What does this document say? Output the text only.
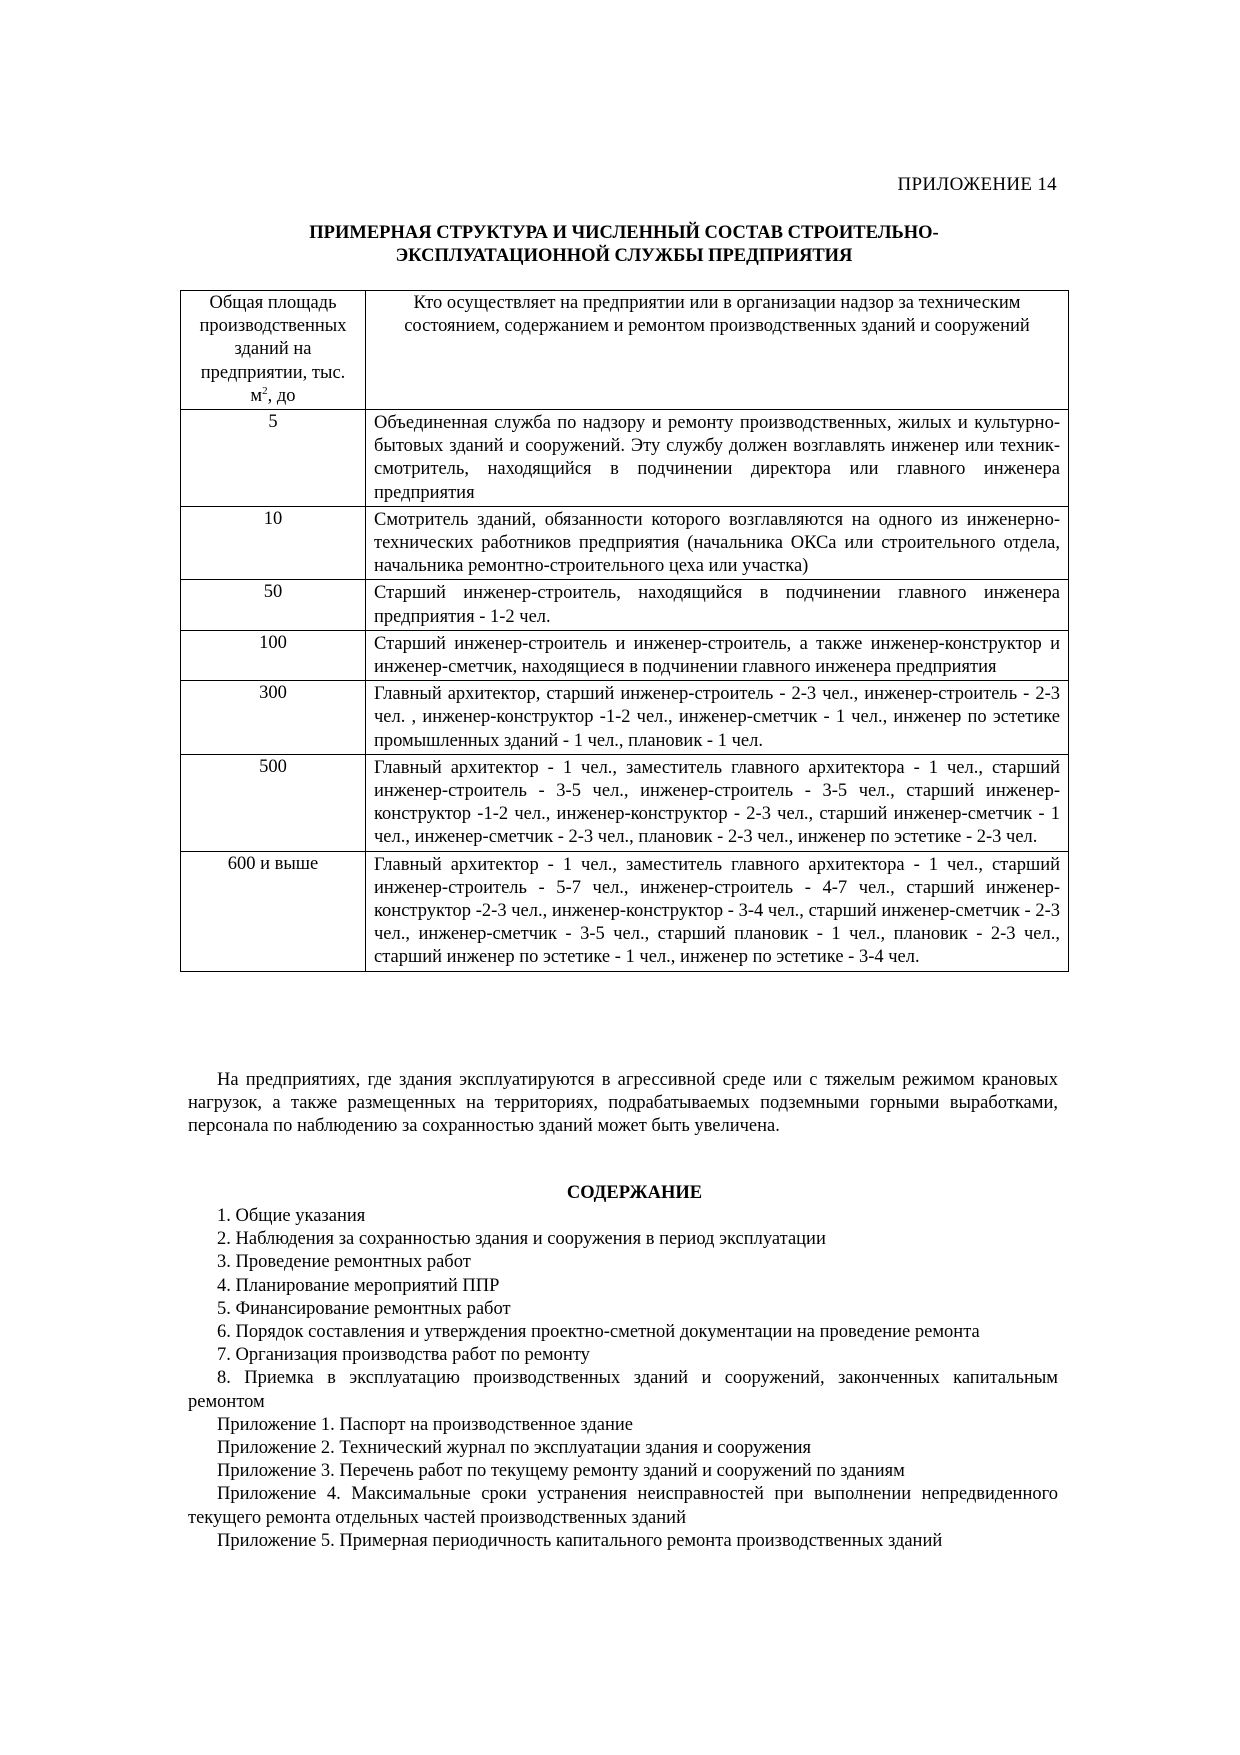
ПРИЛОЖЕНИЕ 14
ПРИМЕРНАЯ СТРУКТУРА И ЧИСЛЕННЫЙ СОСТАВ СТРОИТЕЛЬНО-
ЭКСПЛУАТАЦИОННОЙ СЛУЖБЫ ПРЕДПРИЯТИЯ
Общая площадь производственных зданий на предприятии, тыс. $м^2$, до	Кто осуществляет на предприятии или в организации надзор за техническим состоянием, содержанием и ремонтом производственных зданий и сооружений
5	Объединенная служба по надзору и ремонту производственных, жилых и культурно-бытовых зданий и сооружений. Эту службу должен возглавлять инженер или техник-смотритель, находящийся в подчинении директора или главного инженера предприятия
10	Смотритель зданий, обязанности которого возглавляются на одного из инженерно-технических работников предприятия (начальника ОКСа или строительного отдела, начальника ремонтно-строительного цеха или участка)
50	Старший инженер-строитель, находящийся в подчинении главного инженера предприятия - 1-2 чел.
100	Старший инженер-строитель и инженер-строитель, а также инженер-конструктор и инженер-сметчик, находящиеся в подчинении главного инженера предприятия
300	Главный архитектор, старший инженер-строитель - 2-3 чел., инженер-строитель - 2-3 чел. , инженер-конструктор -1-2 чел., инженер-сметчик - 1 чел., инженер по эстетике промышленных зданий - 1 чел., плановик - 1 чел.
500	Главный архитектор - 1 чел., заместитель главного архитектора - 1 чел., старший инженер-строитель - 3-5 чел., инженер-строитель - 3-5 чел., старший инженер-конструктор -1-2 чел., инженер-конструктор - 2-3 чел., старший инженер-сметчик - 1 чел., инженер-сметчик - 2-3 чел., плановик - 2-3 чел., инженер по эстетике - 2-3 чел.
600 и выше	Главный архитектор - 1 чел., заместитель главного архитектора - 1 чел., старший инженер-строитель - 5-7 чел., инженер-строитель - 4-7 чел., старший инженер-конструктор -2-3 чел., инженер-конструктор - 3-4 чел., старший инженер-сметчик - 2-3 чел., инженер-сметчик - 3-5 чел., старший плановик - 1 чел., плановик - 2-3 чел., старший инженер по эстетике - 1 чел., инженер по эстетике - 3-4 чел.
На предприятиях, где здания эксплуатируются в агрессивной среде или с тяжелым режимом крановых нагрузок, а также размещенных на территориях, подрабатываемых подземными горными выработками, персонала по наблюдению за сохранностью зданий может быть увеличена.
СОДЕРЖАНИЕ
1. Общие указания
2. Наблюдения за сохранностью здания и сооружения в период эксплуатации
3. Проведение ремонтных работ
4. Планирование мероприятий ППР
5. Финансирование ремонтных работ
6. Порядок составления и утверждения проектно-сметной документации на проведение ремонта
7. Организация производства работ по ремонту
8. Приемка в эксплуатацию производственных зданий и сооружений, законченных капитальным ремонтом
Приложение 1. Паспорт на производственное здание
Приложение 2. Технический журнал по эксплуатации здания и сооружения
Приложение 3. Перечень работ по текущему ремонту зданий и сооружений по зданиям
Приложение 4. Максимальные сроки устранения неисправностей при выполнении непредвиденного текущего ремонта отдельных частей производственных зданий
Приложение 5. Примерная периодичность капитального ремонта производственных зданий
